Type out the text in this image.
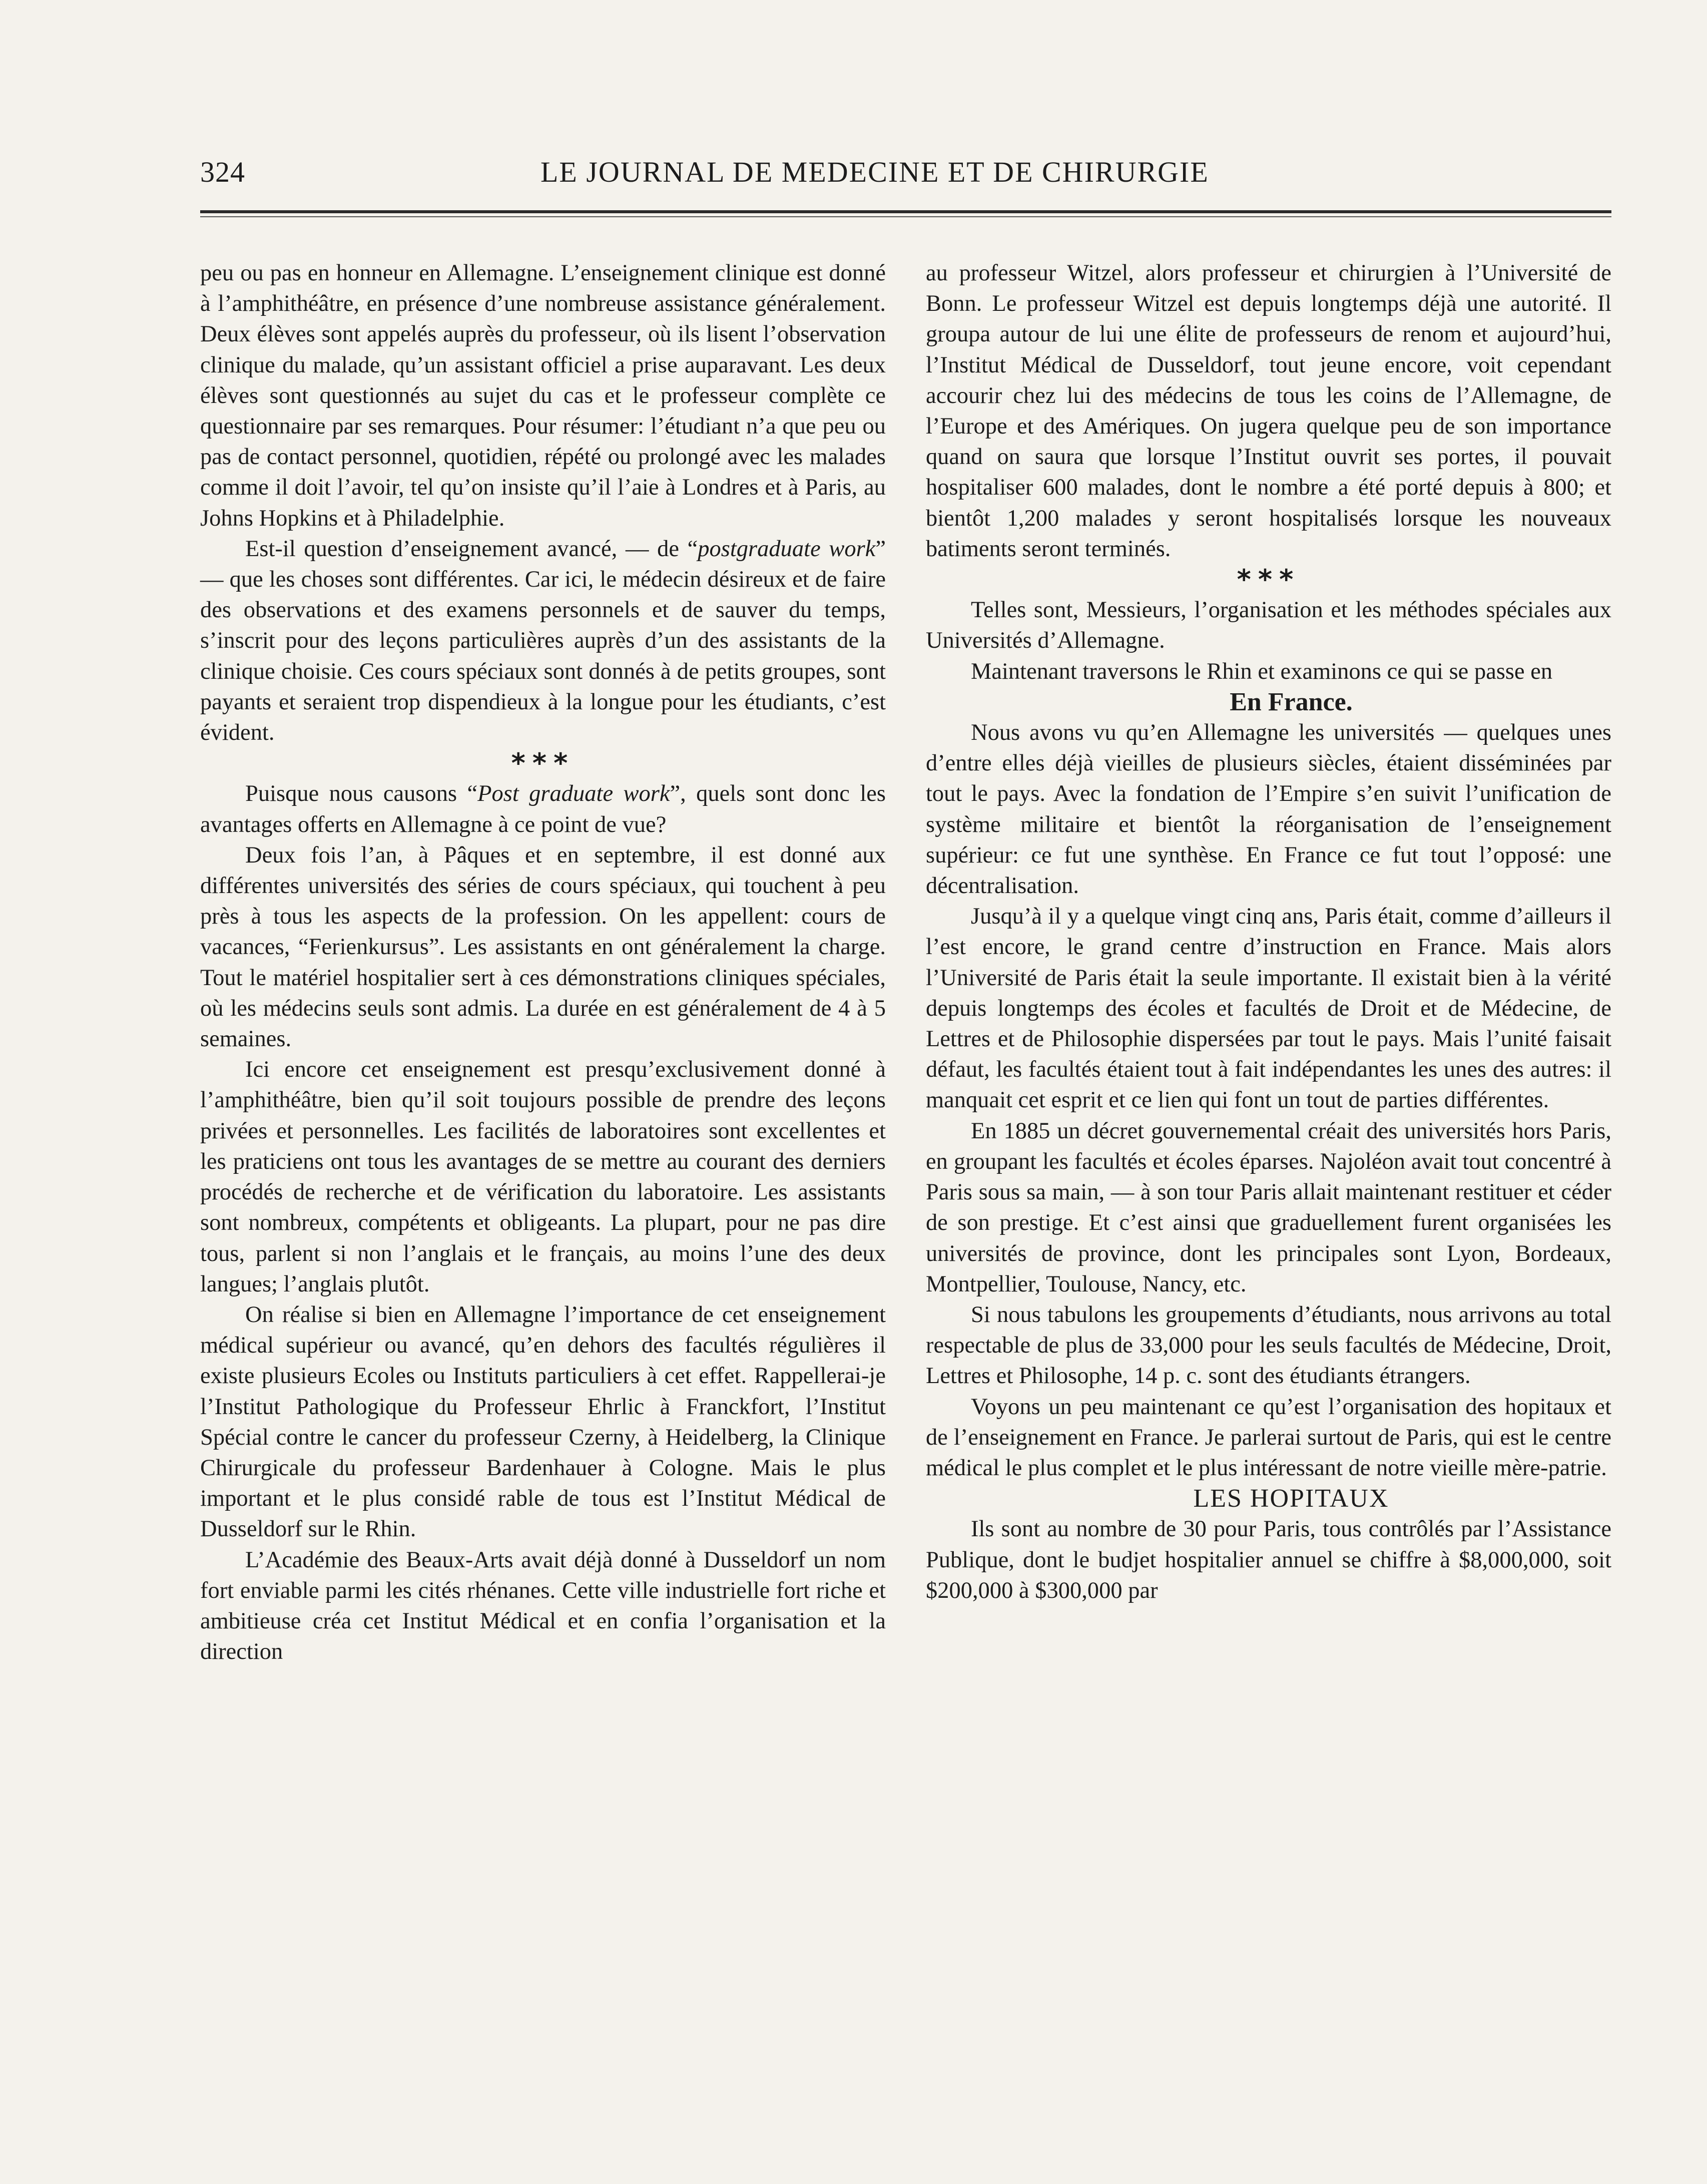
324	LE JOURNAL DE MEDECINE ET DE CHIRURGIE

peu ou pas en honneur en Allemagne. L’enseignement clinique est donné à l’amphithéâtre, en présence d’une nombreuse assistance généralement. Deux élèves sont appelés auprès du professeur, où ils lisent l’observation clinique du malade, qu’un assistant officiel a prise auparavant. Les deux élèves sont questionnés au sujet du cas et le professeur complète ce questionnaire par ses remarques. Pour résumer: l’étudiant n’a que peu ou pas de contact personnel, quotidien, répété ou prolongé avec les malades comme il doit l’avoir, tel qu’on insiste qu’il l’aie à Londres et à Paris, au Johns Hopkins et à Philadelphie.

Est-il question d’enseignement avancé, — de “postgraduate work” — que les choses sont différentes. Car ici, le médecin désireux et de faire des observations et des examens personnels et de sauver du temps, s’inscrit pour des leçons particulières auprès d’un des assistants de la clinique choisie. Ces cours spéciaux sont donnés à de petits groupes, sont payants et seraient trop dispendieux à la longue pour les étudiants, c’est évident.

***

Puisque nous causons “Post graduate work”, quels sont donc les avantages offerts en Allemagne à ce point de vue?

Deux fois l’an, à Pâques et en septembre, il est donné aux différentes universités des séries de cours spéciaux, qui touchent à peu près à tous les aspects de la profession. On les appellent: cours de vacances, “Ferienkursus”. Les assistants en ont généralement la charge. Tout le matériel hospitalier sert à ces démonstrations cliniques spéciales, où les médecins seuls sont admis. La durée en est généralement de 4 à 5 semaines.

Ici encore cet enseignement est presqu’exclusivement donné à l’amphithéâtre, bien qu’il soit toujours possible de prendre des leçons privées et personnelles. Les facilités de laboratoires sont excellentes et les praticiens ont tous les avantages de se mettre au courant des derniers procédés de recherche et de vérification du laboratoire. Les assistants sont nombreux, compétents et obligeants. La plupart, pour ne pas dire tous, parlent si non l’anglais et le français, au moins l’une des deux langues; l’anglais plutôt.

On réalise si bien en Allemagne l’importance de cet enseignement médical supérieur ou avancé, qu’en dehors des facultés régulières il existe plusieurs Ecoles ou Instituts particuliers à cet effet. Rappellerai-je l’Institut Pathologique du Professeur Ehrlic à Franckfort, l’Institut Spécial contre le cancer du professeur Czerny, à Heidelberg, la Clinique Chirurgicale du professeur Bardenhauer à Cologne. Mais le plus important et le plus considé rable de tous est l’Institut Médical de Dusseldorf sur le Rhin.

L’Académie des Beaux-Arts avait déjà donné à Dusseldorf un nom fort enviable parmi les cités rhénanes. Cette ville industrielle fort riche et ambitieuse créa cet Institut Médical et en confia l’organisation et la direction

au professeur Witzel, alors professeur et chirurgien à l’Université de Bonn. Le professeur Witzel est depuis longtemps déjà une autorité. Il groupa autour de lui une élite de professeurs de renom et aujourd’hui, l’Institut Médical de Dusseldorf, tout jeune encore, voit cependant accourir chez lui des médecins de tous les coins de l’Allemagne, de l’Europe et des Amériques. On jugera quelque peu de son importance quand on saura que lorsque l’Institut ouvrit ses portes, il pouvait hospitaliser 600 malades, dont le nombre a été porté depuis à 800; et bientôt 1,200 malades y seront hospitalisés lorsque les nouveaux batiments seront terminés.

***

Telles sont, Messieurs, l’organisation et les méthodes spéciales aux Universités d’Allemagne.

Maintenant traversons le Rhin et examinons ce qui se passe en

En France.

Nous avons vu qu’en Allemagne les universités — quelques unes d’entre elles déjà vieilles de plusieurs siècles, étaient disséminées par tout le pays. Avec la fondation de l’Empire s’en suivit l’unification de système militaire et bientôt la réorganisation de l’enseignement supérieur: ce fut une synthèse. En France ce fut tout l’opposé: une décentralisation.

Jusqu’à il y a quelque vingt cinq ans, Paris était, comme d’ailleurs il l’est encore, le grand centre d’instruction en France. Mais alors l’Université de Paris était la seule importante. Il existait bien à la vérité depuis longtemps des écoles et facultés de Droit et de Médecine, de Lettres et de Philosophie dispersées par tout le pays. Mais l’unité faisait défaut, les facultés étaient tout à fait indépendantes les unes des autres: il manquait cet esprit et ce lien qui font un tout de parties différentes.

En 1885 un décret gouvernemental créait des universités hors Paris, en groupant les facultés et écoles éparses. Najoléon avait tout concentré à Paris sous sa main, — à son tour Paris allait maintenant restituer et céder de son prestige. Et c’est ainsi que graduellement furent organisées les universités de province, dont les principales sont Lyon, Bordeaux, Montpellier, Toulouse, Nancy, etc.

Si nous tabulons les groupements d’étudiants, nous arrivons au total respectable de plus de 33,000 pour les seuls facultés de Médecine, Droit, Lettres et Philosophe, 14 p. c. sont des étudiants étrangers.

Voyons un peu maintenant ce qu’est l’organisation des hopitaux et de l’enseignement en France. Je parlerai surtout de Paris, qui est le centre médical le plus complet et le plus intéressant de notre vieille mère-patrie.

LES HOPITAUX

Ils sont au nombre de 30 pour Paris, tous contrôlés par l’Assistance Publique, dont le budjet hospitalier annuel se chiffre à $8,000,000, soit $200,000 à $300,000 par
